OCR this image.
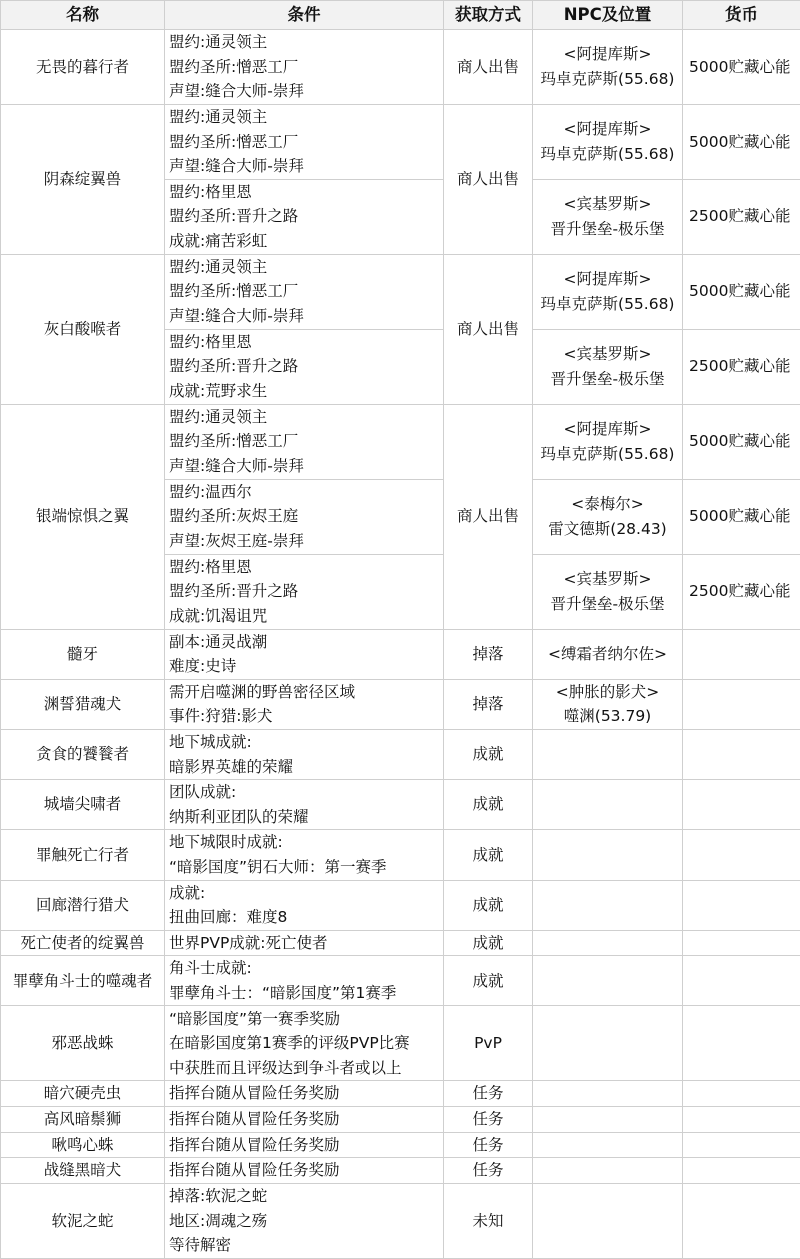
名称	条件	获取方式	NPC及位置	货币
无畏的暮行者	盟约:通灵领主
盟约圣所:憎恶工厂
声望:缝合大师-崇拜	商人出售	<阿提库斯>
玛卓克萨斯(55.68)	5000贮藏心能
阴森绽翼兽	盟约:通灵领主
盟约圣所:憎恶工厂
声望:缝合大师-崇拜	商人出售	<阿提库斯>
玛卓克萨斯(55.68)	5000贮藏心能

	盟约:格里恩
盟约圣所:晋升之路
成就:痛苦彩虹		<宾基罗斯>
晋升堡垒-极乐堡	2500贮藏心能
灰白酸喉者	盟约:通灵领主
盟约圣所:憎恶工厂
声望:缝合大师-崇拜	商人出售	<阿提库斯>
玛卓克萨斯(55.68)	5000贮藏心能

	盟约:格里恩
盟约圣所:晋升之路
成就:荒野求生		<宾基罗斯>
晋升堡垒-极乐堡	2500贮藏心能
银端惊惧之翼	盟约:通灵领主
盟约圣所:憎恶工厂
声望:缝合大师-崇拜	商人出售	<阿提库斯>
玛卓克萨斯(55.68)	5000贮藏心能

	盟约:温西尔
盟约圣所:灰烬王庭
声望:灰烬王庭-崇拜		<泰梅尔>
雷文德斯(28.43)	5000贮藏心能

	盟约:格里恩
盟约圣所:晋升之路
成就:饥渴诅咒		<宾基罗斯>
晋升堡垒-极乐堡	2500贮藏心能
髓牙	副本:通灵战潮
难度:史诗	掉落	<缚霜者纳尔佐>	

渊誓猎魂犬	需开启噬渊的野兽密径区域
事件:狩猎:影犬	掉落	<肿胀的影犬>
噬渊(53.79)	

贪食的饕餮者	地下城成就:
暗影界英雄的荣耀	成就		
城墙尖啸者	团队成就:
纳斯利亚团队的荣耀	成就		
罪触死亡行者	地下城限时成就:
“暗影国度”钥石大师：第一赛季	成就		
回廊潜行猎犬	成就:
扭曲回廊：难度8	成就		
死亡使者的绽翼兽	世界PVP成就:死亡使者	成就		
罪孽角斗士的噬魂者	角斗士成就:
罪孽角斗士：“暗影国度”第1赛季	成就		
邪恶战蛛	“暗影国度”第一赛季奖励
在暗影国度第1赛季的评级PVP比赛
中获胜而且评级达到争斗者或以上	PvP		
暗穴硬壳虫	指挥台随从冒险任务奖励	任务		
高风暗鬃狮	指挥台随从冒险任务奖励	任务		
啾鸣心蛛	指挥台随从冒险任务奖励	任务		
战缝黑暗犬	指挥台随从冒险任务奖励	任务		
软泥之蛇	掉落:软泥之蛇
地区:凋魂之殇
等待解密	未知		
